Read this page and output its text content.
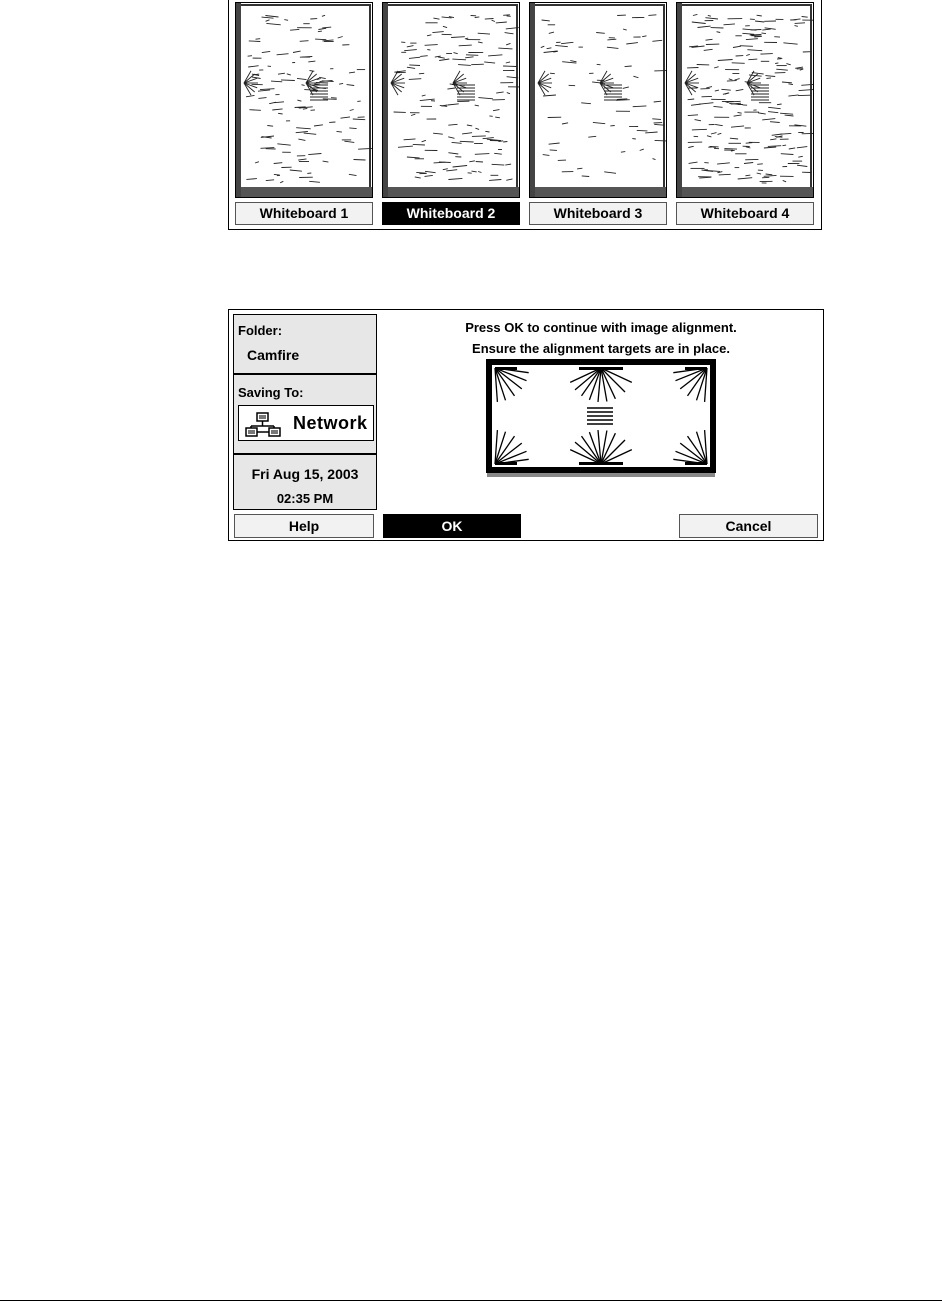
Whiteboard 1	Whiteboard 2	Whiteboard 3	Whiteboard 4
Folder:
Camfire
Saving To:
Network
Fri Aug 15, 2003
02:35 PM
Press OK to continue with image alignment.
Ensure the alignment targets are in place.
Help	OK	Cancel
